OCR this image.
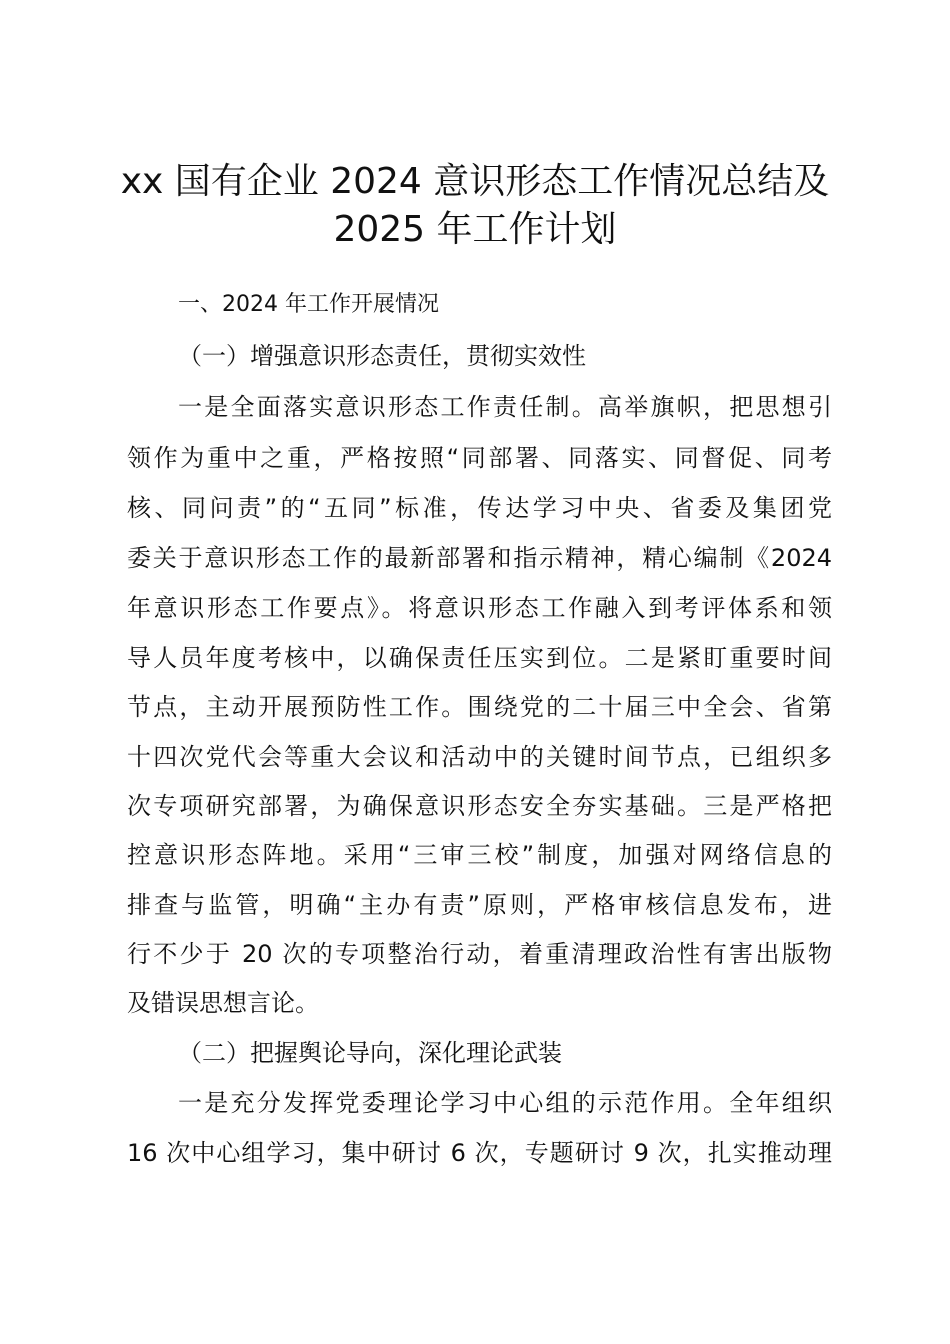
xx 国有企业 2024 意识形态工作情况总结及
2025 年工作计划
一、2024 年工作开展情况
（一）增强意识形态责任，贯彻实效性
一是全面落实意识形态工作责任制。高举旗帜，把思想引
领作为重中之重，严格按照“同部署、同落实、同督促、同考
核、同问责”的“五同”标准，传达学习中央、省委及集团党
委关于意识形态工作的最新部署和指示精神，精心编制《2024
年意识形态工作要点》。将意识形态工作融入到考评体系和领
导人员年度考核中，以确保责任压实到位。二是紧盯重要时间
节点，主动开展预防性工作。围绕党的二十届三中全会、省第
十四次党代会等重大会议和活动中的关键时间节点，已组织多
次专项研究部署，为确保意识形态安全夯实基础。三是严格把
控意识形态阵地。采用“三审三校”制度，加强对网络信息的
排查与监管，明确“主办有责”原则，严格审核信息发布，进
行不少于 20 次的专项整治行动，着重清理政治性有害出版物
及错误思想言论。
（二）把握舆论导向，深化理论武装
一是充分发挥党委理论学习中心组的示范作用。全年组织
16 次中心组学习，集中研讨 6 次，专题研讨 9 次，扎实推动理
